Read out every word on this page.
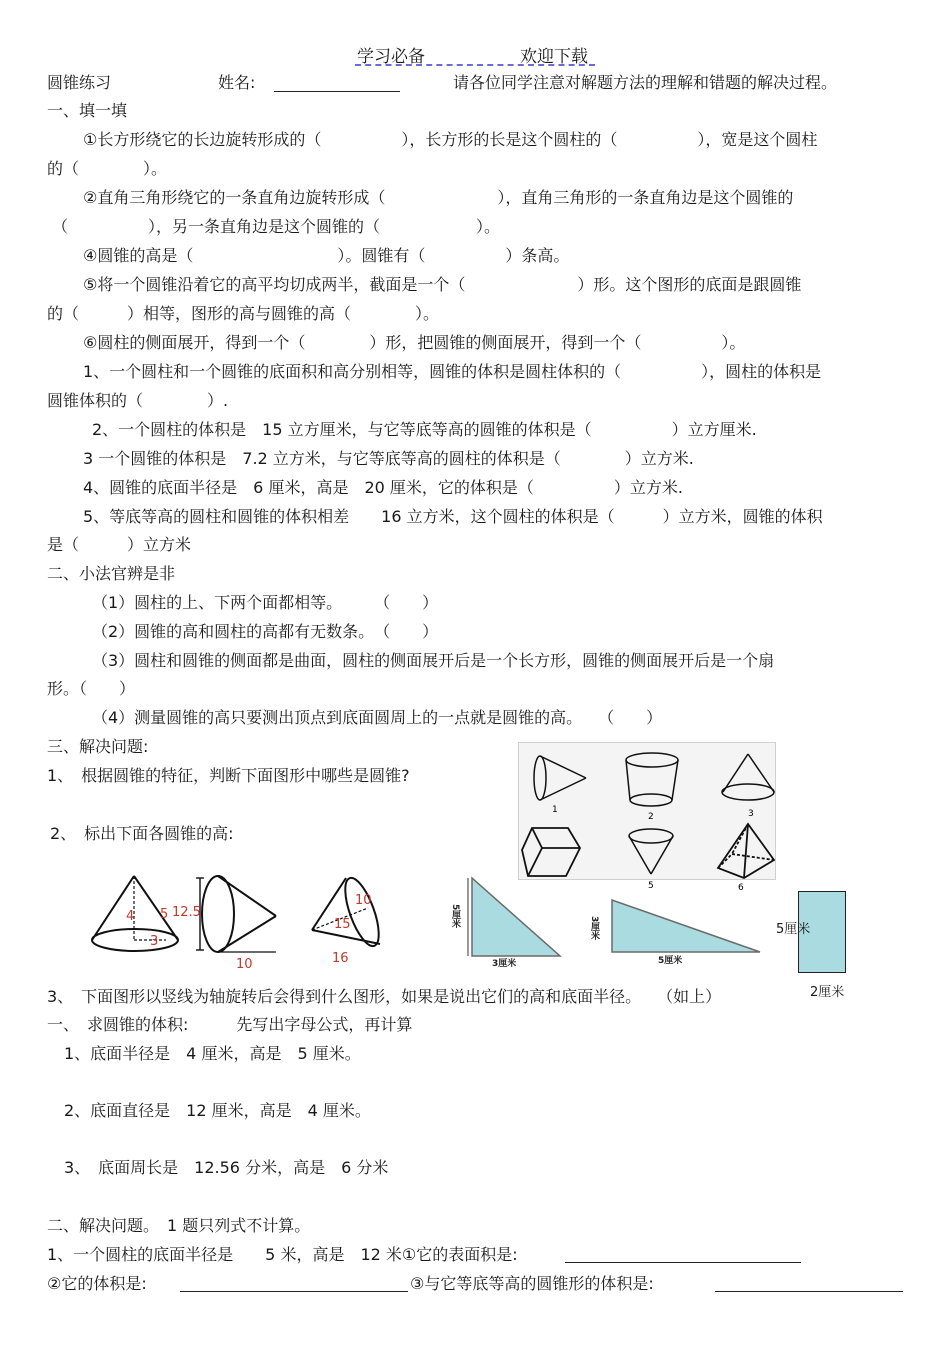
学习必备	欢迎下载
圆锥练习	姓名:	请各位同学注意对解题方法的理解和错题的解决过程。
一、填一填
①长方形绕它的长边旋转形成的（　　　　　），长方形的长是这个圆柱的（　　　　　），宽是这个圆柱
的（　　　　）。
②直角三角形绕它的一条直角边旋转形成（　　　　　　　），直角三角形的一条直角边是这个圆锥的
（　　　　　），另一条直角边是这个圆锥的（　　　　　　）。
④圆锥的高是（　　　　　　　　　）。圆锥有（　　　　　）条高。
⑤将一个圆锥沿着它的高平均切成两半，截面是一个（　　　　　　　）形。这个图形的底面是跟圆锥
的（　　　）相等，图形的高与圆锥的高（　　　　）。
⑥圆柱的侧面展开，得到一个（　　　　）形，把圆锥的侧面展开，得到一个（　　　　　）。
1、一个圆柱和一个圆锥的底面积和高分别相等，圆锥的体积是圆柱体积的（　　　　　），圆柱的体积是
圆锥体积的（　　　　）.
2、一个圆柱的体积是　15 立方厘米，与它等底等高的圆锥的体积是（　　　　　）立方厘米.
3 一个圆锥的体积是　7.2 立方米，与它等底等高的圆柱的体积是（　　　　）立方米.
4、圆锥的底面半径是　6 厘米，高是　20 厘米，它的体积是（　　　　　）立方米.
5、等底等高的圆柱和圆锥的体积相差　　16 立方米，这个圆柱的体积是（　　　）立方米，圆锥的体积
是（　　　）立方米
二、小法官辨是非
（1）圆柱的上、下两个面都相等。　　　（　　）
（2）圆锥的高和圆柱的高都有无数条。　（　　）
（3）圆柱和圆锥的侧面都是曲面，圆柱的侧面展开后是一个长方形，圆锥的侧面展开后是一个扇
形。（　　）
（4）测量圆锥的高只要测出顶点到底面圆周上的一点就是圆锥的高。　　（　　）
三、解决问题:
1、　根据圆锥的特征，判断下面图形中哪些是圆锥?
2、　标出下面各圆锥的高:
1
2	3
5	6
4 5
3
12.5
10
10
15
16
5厘米
3厘米
3厘米
5厘米
5厘米
2厘米
3、　下面图形以竖线为轴旋转后会得到什么图形，如果是说出它们的高和底面半径。　　（如上）
一、　求圆锥的体积:　　　先写出字母公式，再计算
1、底面半径是　4 厘米，高是　5 厘米。
2、底面直径是　12 厘米，高是　4 厘米。
3、　底面周长是　12.56 分米，高是　6 分米
二、解决问题。　1 题只列式不计算。
1、一个圆柱的底面半径是　　5 米，高是　12 米①它的表面积是:
②它的体积是:	③与它等底等高的圆锥形的体积是:
